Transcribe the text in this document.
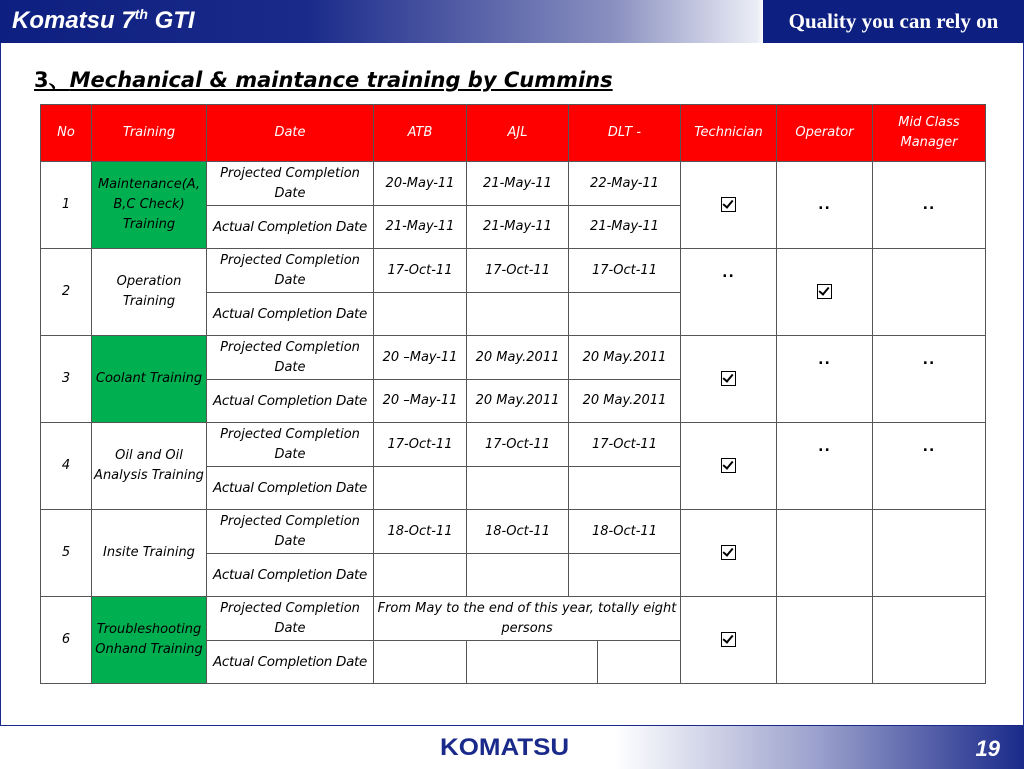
Komatsu 7th GTI	Quality you can rely on
3、Mechanical & maintance training by Cummins
No	Training	Date	ATB	AJL	DLT -	Technician	Operator	Mid Class Manager
1	Maintenance(A, B,C Check) Training	Projected Completion Date	20-May-11	21-May-11	22-May-11		..	..
		Actual Completion Date	21-May-11	21-May-11	21-May-11			
2	Operation Training	Projected Completion Date	17-Oct-11	17-Oct-11	17-Oct-11	..		
		Actual Completion Date						
3	Coolant Training	Projected Completion Date	20 –May-11	20 May.2011	20 May.2011		..	..
		Actual Completion Date	20 –May-11	20 May.2011	20 May.2011			
4	Oil and Oil Analysis Training	Projected Completion Date	17-Oct-11	17-Oct-11	17-Oct-11		..	..
		Actual Completion Date						
5	Insite Training	Projected Completion Date	18-Oct-11	18-Oct-11	18-Oct-11			
		Actual Completion Date						
6	Troubleshooting Onhand Training	Projected Completion Date	From May to the end of this year, totally eight persons					
		Actual Completion Date						
KOMATSU	19
